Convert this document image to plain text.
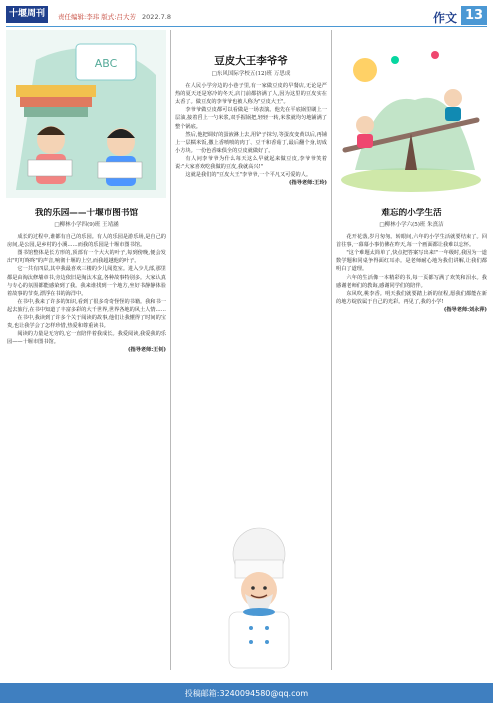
十堰周刊	责任编辑:李玮 版式:吕大芳 2022.7.8	作文 13
ABC
我的乐园——十堰市图书馆
□柳林小学四(9)班 王靖涵

成长的过程中,谁都有自己的乐园。有人的乐园是游乐场,是自己的房间,是公园,是乡村的小溪……而我的乐园是十堰市图书馆。

图书馆整体是长方形的,顶部有一个大大的叶子,每到傍晚,便会发出"叮叮咚咚"的声音,响彻十堰的上空,而我超越他的叶子。

它一共有四层,其中我最喜欢三楼的少儿阅览室。进入少儿部,那里都是由淘汰修墙章书,旁边依旧是淘汰木盒,各种故事特别多。大家认真与专心的氛围都能感染到了我。我来谁找到一个地方,坐好书静静体验着故事的节奏,漂浮在书的海洋中。

在书中,我来了许多的知识,看到了很多奇奇怪怪的书籍。我和书一起去旅行,在书中知道了丰富多彩的大千世界,世界各地的风土人情……

在书中,我读到了许多个关于阅读的故事,他们让我懂得了时间的宝贵,也让我学会了怎样珍惜,热爱和尊重读书。

阅读的力量是无穷的,它一直陪伴着我成长。我爱阅读,我爱我的乐园——十堰市图书馆。

(指导老师:王钊)

豆皮大王李爷爷
□东风国际学校五(12)班 万思成

在人民小学旁边的小巷子里,有一家做豆皮的早餐店,无论是严热的夏天还是寒冷的冬天,店门前都挤满了人,因为这里的豆皮实在太香了。做豆皮的李爷爷也被人称为"豆皮大王"。

李爷爷做豆皮都可以看做是一场表演。他先在平底锅里刷上一层油,接着舀上一勺米浆,双手握锅把,轻轻一转,米浆就均匀地铺满了整个锅底。

然后,他把调好的蛋液淋上去,用铲子抹匀,等蛋皮变黄以后,再铺上一层糯米饭,撒上香喷喷的肉丁、豆干和香菇丁,最后翻个身,切成小方块。一份色香味俱全的豆皮就做好了。

有人问李爷爷为什么每天这么早就起来做豆皮,李爷爷笑着说:"大家喜欢吃我做的豆皮,我就高兴!"

这就是我们的"豆皮大王"李爷爷,一个平凡又可爱的人。

(指导老师:王玲)

难忘的小学生活
□柳林小学六(5)班 朱熹洁

花开花落,岁月匆匆。转眼间,六年的小学生活就要结束了。回首往事,一幕幕小事仿佛在昨天,每一个画面都让我难以忘怀。

"这个难题太简单了,快点把答案写出来!"一年级时,我因为一道数学题和同桌争得面红耳赤。是老师耐心地为我们讲解,让我们都明白了道理。

六年的生活像一本精彩的书,每一页都写满了欢笑和泪水。我感谢老师们的教诲,感谢同学们的陪伴。

东风吹,桃李香。明天我们就要踏上新的征程,愿我们都能在新的地方绽放属于自己的光彩。再见了,我的小学!

(指导老师:刘永萍)

投稿邮箱:3240094580@qq.com
